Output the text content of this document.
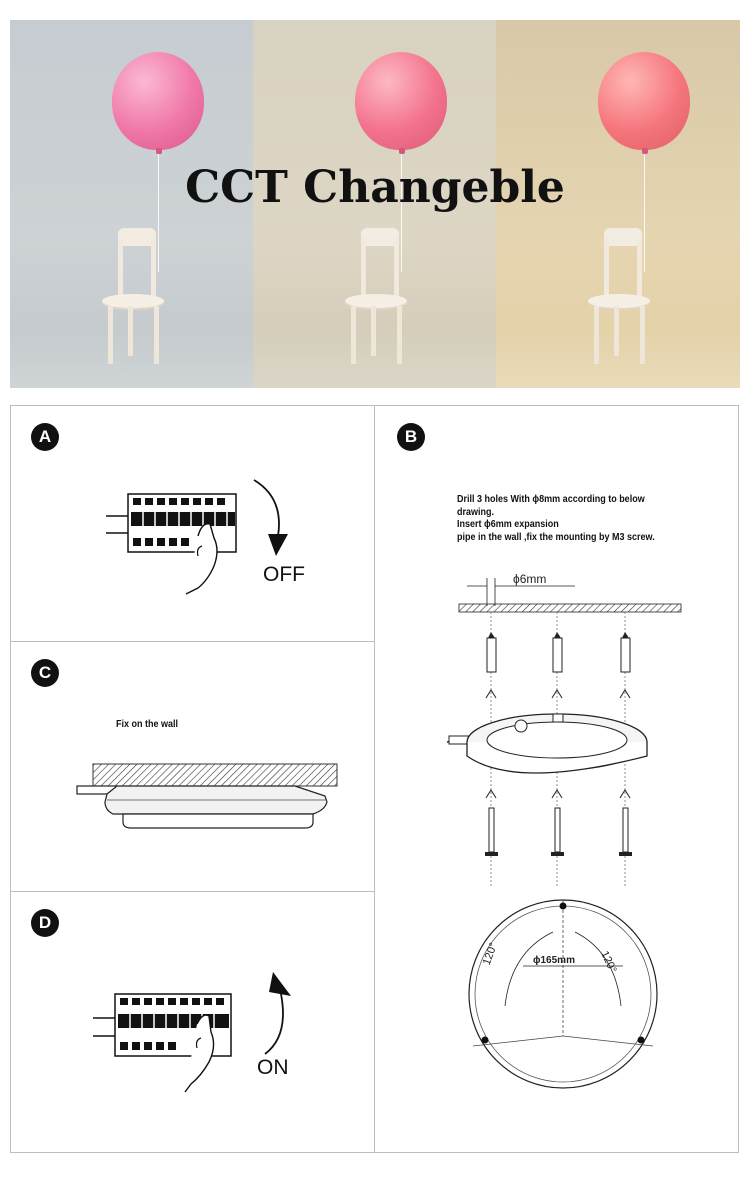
CCT Changeble
A
OFF
C
Fix on the wall
D
ON
B
Drill 3 holes With ϕ8mm according to below
drawing.
Insert ϕ6mm expansion
pipe in the wall ,fix the mounting by M3 screw.
ϕ6mm
ϕ165mm
120°	120°
